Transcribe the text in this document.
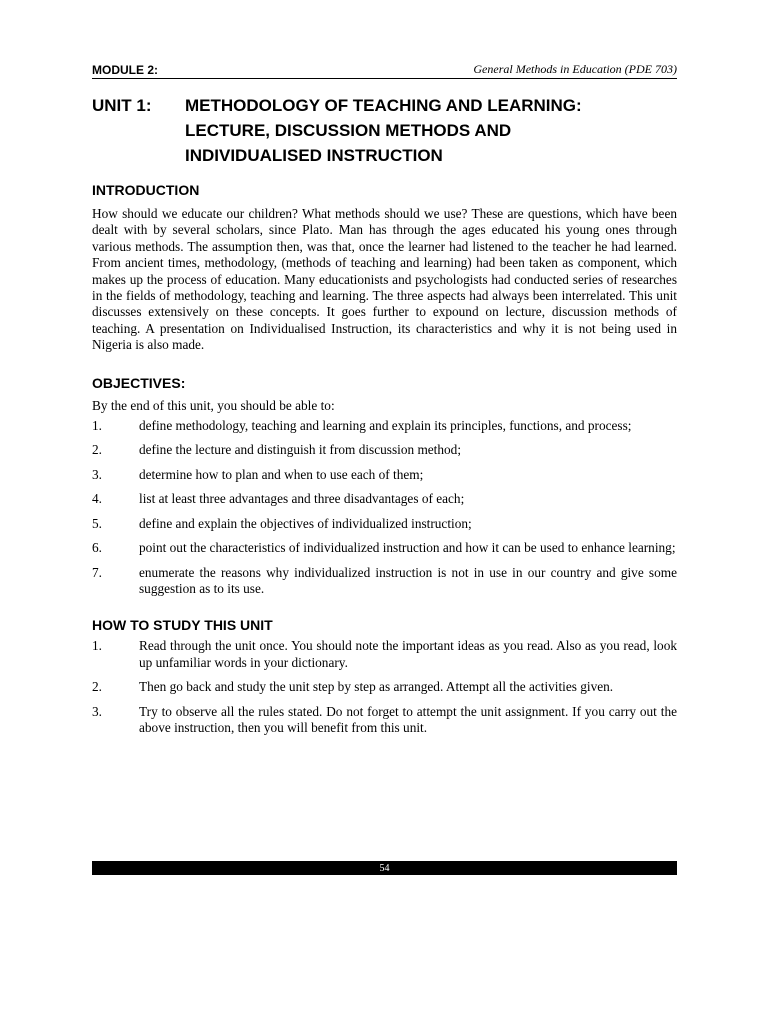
MODULE 2:	General Methods in Education (PDE 703)
UNIT 1:	METHODOLOGY OF TEACHING AND LEARNING:
LECTURE, DISCUSSION METHODS AND
INDIVIDUALISED INSTRUCTION
INTRODUCTION

How should we educate our children? What methods should we use? These are questions, which have been dealt with by several scholars, since Plato. Man has through the ages educated his young ones through various methods. The assumption then, was that, once the learner had listened to the teacher he had learned. From ancient times, methodology, (methods of teaching and learning) had been taken as component, which makes up the process of education. Many educationists and psychologists had conducted series of researches in the fields of methodology, teaching and learning. The three aspects had always been interrelated. This unit discusses extensively on these concepts. It goes further to expound on lecture, discussion methods of teaching. A presentation on Individualised Instruction, its characteristics and why it is not being used in Nigeria is also made.

OBJECTIVES:

By the end of this unit, you should be able to:

1.	define methodology, teaching and learning and explain its principles, functions, and process;
2.	define the lecture and distinguish it from discussion method;
3.	determine how to plan and when to use each of them;
4.	list at least three advantages and three disadvantages of each;
5.	define and explain the objectives of individualized instruction;
6.	point out the characteristics of individualized instruction and how it can be used to enhance learning;
7.	enumerate the reasons why individualized instruction is not in use in our country and give some suggestion as to its use.
HOW TO STUDY THIS UNIT
1.	Read through the unit once. You should note the important ideas as you read. Also as you read, look up unfamiliar words in your dictionary.
2.	Then go back and study the unit step by step as arranged. Attempt all the activities given.
3.	Try to observe all the rules stated. Do not forget to attempt the unit assignment. If you carry out the above instruction, then you will benefit from this unit.
54
